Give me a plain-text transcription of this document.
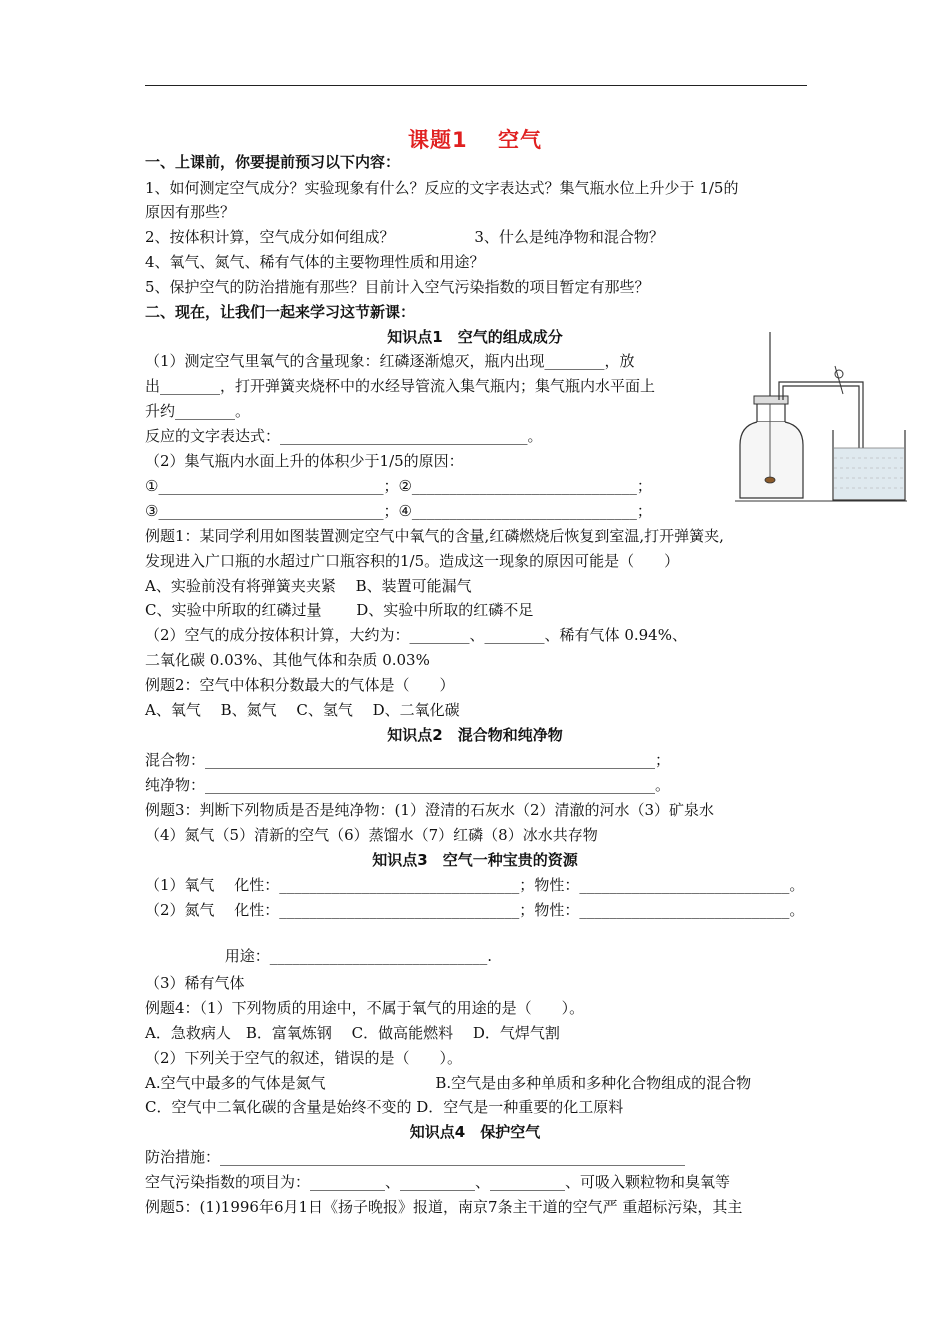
课题1　 空气
一、上课前，你要提前预习以下内容：
1、如何测定空气成分？实验现象有什么？反应的文字表达式？集气瓶水位上升少于 1/5的
原因有那些？
2、按体积计算，空气成分如何组成？ 　　　　　3、什么是纯净物和混合物？
4、氧气、氮气、稀有气体的主要物理性质和用途？
5、保护空气的防治措施有那些？目前计入空气污染指数的项目暂定有那些？
二、现在，让我们一起来学习这节新课：
知识点1　空气的组成成分
（1）测定空气里氧气的含量现象：红磷逐渐熄灭，瓶内出现________，放
出________，打开弹簧夹烧杯中的水经导管流入集气瓶内；集气瓶内水平面上
升约________。
反应的文字表达式：_________________________________。
（2）集气瓶内水面上升的体积少于1/5的原因：
①______________________________；②______________________________；
③______________________________；④______________________________；
例题1：某同学利用如图装置测定空气中氧气的含量,红磷燃烧后恢复到室温,打开弹簧夹,
发现进入广口瓶的水超过广口瓶容积的1/5。造成这一现象的原因可能是（　　）
A、实验前没有将弹簧夹夹紧　 B、装置可能漏气
C、实验中所取的红磷过量　　 D、实验中所取的红磷不足
（2）空气的成分按体积计算，大约为：________、________、稀有气体 0.94%、
二氧化碳 0.03%、其他气体和杂质 0.03%
例题2：空气中体积分数最大的气体是（　　）
A、氧气　 B、氮气　 C、氢气　 D、二氧化碳
知识点2　混合物和纯净物
混合物：____________________________________________________________；
纯净物：____________________________________________________________。
例题3：判断下列物质是否是纯净物：(1）澄清的石灰水（2）清澈的河水（3）矿泉水
（4）氮气（5）清新的空气（6）蒸馏水（7）红磷（8）冰水共存物
知识点3　空气一种宝贵的资源
（1）氧气　 化性：________________________________；物性：____________________________。
（2）氮气　 化性：________________________________；物性：____________________________。
　　　　　 用途：_____________________________.
（3）稀有气体
例题4：（1）下列物质的用途中，不属于氧气的用途的是（　　）。
A．急救病人　B．富氧炼钢　 C．做高能燃料　 D．气焊气割
（2）下列关于空气的叙述，错误的是（　　）。
A.空气中最多的气体是氮气　　　　　　　 B.空气是由多种单质和多种化合物组成的混合物
C．空气中二氧化碳的含量是始终不变的 D．空气是一种重要的化工原料
知识点4　保护空气
防治措施：______________________________________________________________
空气污染指数的项目为：__________、__________、__________、可吸入颗粒物和臭氧等
例题5：(1)1996年6月1日《扬子晚报》报道，南京7条主干道的空气严 重超标污染，其主
